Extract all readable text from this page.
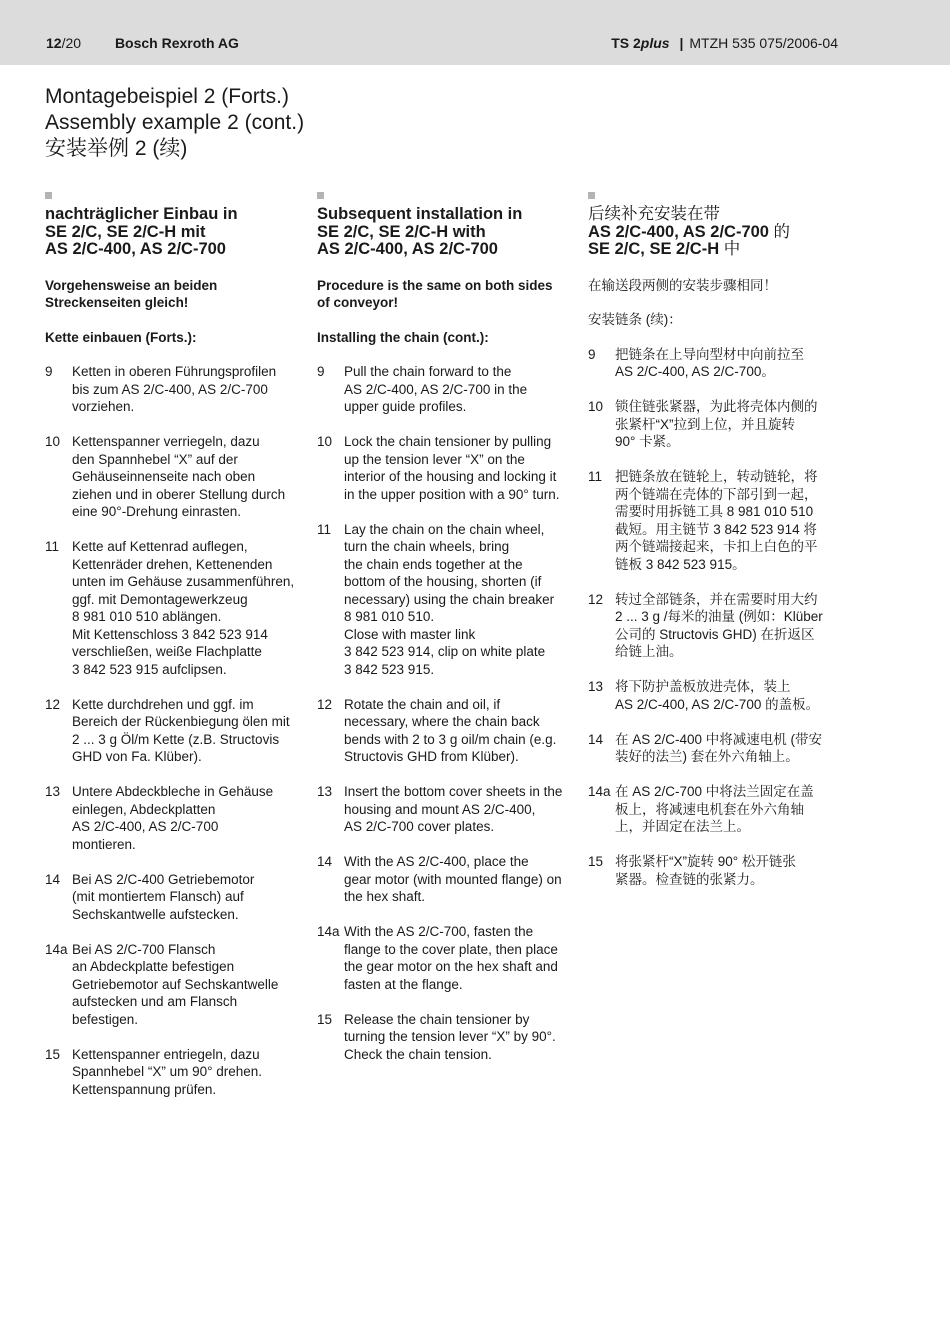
12/20 Bosch Rexroth AG	TS 2plus | MTZH 535 075/2006-04
Montagebeispiel 2 (Forts.)
Assembly example 2 (cont.)
安装举例 2 (续)
nachträglicher Einbau in
SE 2/C, SE 2/C-H mit
AS 2/C-400, AS 2/C-700
Vorgehensweise an beiden
Streckenseiten gleich!
Kette einbauen (Forts.):
9	Ketten in oberen Führungsprofilen
bis zum AS 2/C-400, AS 2/C-700
vorziehen.
10 Kettenspanner verriegeln, dazu
den Spannhebel “X” auf der
Gehäuseinnenseite nach oben
ziehen und in oberer Stellung durch
eine 90°-Drehung einrasten.
11 Kette auf Kettenrad auflegen,
Kettenräder drehen, Kettenenden
unten im Gehäuse zusammenführen,
ggf. mit Demontagewerkzeug
8 981 010 510 ablängen.
Mit Kettenschloss 3 842 523 914
verschließen, weiße Flachplatte
3 842 523 915 aufclipsen.
12 Kette durchdrehen und ggf. im
Bereich der Rückenbiegung ölen mit
2 ... 3 g Öl/m Kette (z.B. Structovis
GHD von Fa. Klüber).
13 Untere Abdeckbleche in Gehäuse
einlegen, Abdeckplatten
AS 2/C-400, AS 2/C-700
montieren.
14 Bei AS 2/C-400 Getriebemotor
(mit montiertem Flansch) auf
Sechskantwelle aufstecken.
14a Bei AS 2/C-700 Flansch
an Abdeckplatte befestigen
Getriebemotor auf Sechskantwelle
aufstecken und am Flansch
befestigen.
15 Kettenspanner entriegeln, dazu
Spannhebel “X” um 90° drehen.
Kettenspannung prüfen.
Subsequent installation in
SE 2/C, SE 2/C-H with
AS 2/C-400, AS 2/C-700
Procedure is the same on both sides
of conveyor!
Installing the chain (cont.):
9	Pull the chain forward to the
AS 2/C-400, AS 2/C-700 in the
upper guide profiles.
10 Lock the chain tensioner by pulling
up the tension lever “X” on the
interior of the housing and locking it
in the upper position with a 90° turn.
11 Lay the chain on the chain wheel,
turn the chain wheels, bring
the chain ends together at the
bottom of the housing, shorten (if
necessary) using the chain breaker
8 981 010 510.
Close with master link
3 842 523 914, clip on white plate
3 842 523 915.
12 Rotate the chain and oil, if
necessary, where the chain back
bends with 2 to 3 g oil/m chain (e.g.
Structovis GHD from Klüber).
13 Insert the bottom cover sheets in the
housing and mount AS 2/C-400,
AS 2/C-700 cover plates.
14 With the AS 2/C-400, place the
gear motor (with mounted flange) on
the hex shaft.
14a With the AS 2/C-700, fasten the
flange to the cover plate, then place
the gear motor on the hex shaft and
fasten at the flange.
15 Release the chain tensioner by
turning the tension lever “X” by 90°.
Check the chain tension.
后续补充安装在带
AS 2/C-400, AS 2/C-700 的
SE 2/C, SE 2/C-H 中
在输送段两侧的安装步骤相同！
安装链条 (续)：
9	把链条在上导向型材中向前拉至
AS 2/C-400, AS 2/C-700。
10 锁住链张紧器，为此将壳体内侧的
张紧杆“X”拉到上位，并且旋转
90° 卡紧。
11 把链条放在链轮上，转动链轮，将
两个链端在壳体的下部引到一起，
需要时用拆链工具 8 981 010 510
截短。用主链节 3 842 523 914 将
两个链端接起来，卡扣上白色的平
链板 3 842 523 915。
12 转过全部链条，并在需要时用大约
2 ... 3 g /每米的油量 (例如：Klüber
公司的 Structovis GHD) 在折返区
给链上油。
13 将下防护盖板放进壳体，装上
AS 2/C-400, AS 2/C-700 的盖板。
14 在 AS 2/C-400 中将减速电机 (带安
装好的法兰) 套在外六角轴上。
14a 在 AS 2/C-700 中将法兰固定在盖
板上，将减速电机套在外六角轴
上，并固定在法兰上。
15 将张紧杆“X”旋转 90° 松开链张
紧器。检查链的张紧力。
